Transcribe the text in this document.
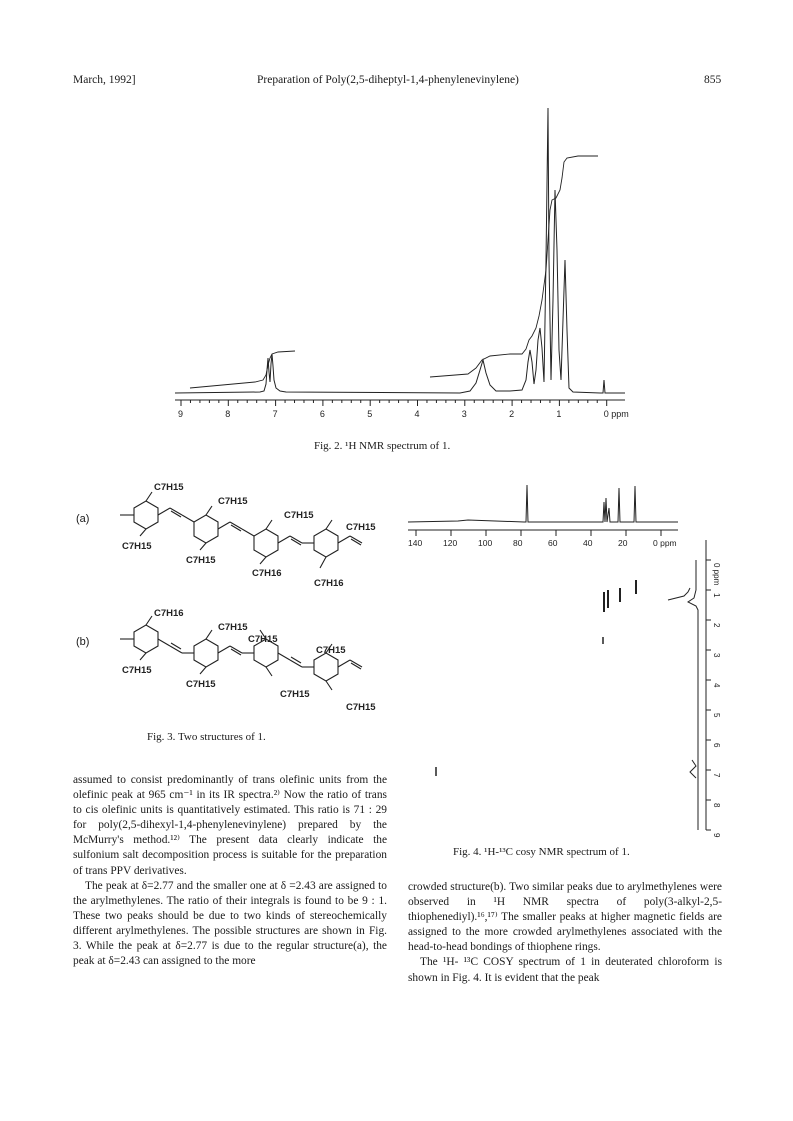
March, 1992]	Preparation of Poly(2,5-diheptyl-1,4-phenylenevinylene)	855
9	8	7	6	5	4	3	2	1	0 ppm
Fig. 2. ¹H NMR spectrum of 1.
(a)
(b)
C7H15
C7H15
C7H15
C7H15
C7H15
C7H16
C7H15
C7H16
C7H16
C7H15
C7H15
C7H15
C7H15
C7H15
C7H15
C7H15
Fig. 3. Two structures of 1.
140 120 100 80	60	40	20	0 ppm
0 ppm
1
2
3
4
5
6
7
8
9
Fig. 4. ¹H-¹³C cosy NMR spectrum of 1.

assumed to consist predominantly of trans olefinic units from the olefinic peak at 965 cm⁻¹ in its IR spectra.²⁾ Now the ratio of trans to cis olefinic units is quantitatively estimated. This ratio is 71 : 29 for poly(2,5-dihexyl-1,4-phenylenevinylene) prepared by the McMurry's method.¹²⁾ The present data clearly indicate the sulfonium salt decomposition process is suitable for the preparation of trans PPV derivatives.

The peak at δ=2.77 and the smaller one at δ =2.43 are assigned to the arylmethylenes. The ratio of their integrals is found to be 9 : 1. These two peaks should be due to two kinds of stereochemically different arylmethylenes. The possible structures are shown in Fig. 3. While the peak at δ=2.77 is due to the regular structure(a), the peak at δ=2.43 can assigned to the more

crowded structure(b). Two similar peaks due to arylmethylenes were observed in ¹H NMR spectra of poly(3-alkyl-2,5-thiophenediyl).¹⁶,¹⁷⁾ The smaller peaks at higher magnetic fields are assigned to the more crowded arylmethylenes associated with the head-to-head bondings of thiophene rings.

The ¹H- ¹³C COSY spectrum of 1 in deuterated chloroform is shown in Fig. 4. It is evident that the peak
